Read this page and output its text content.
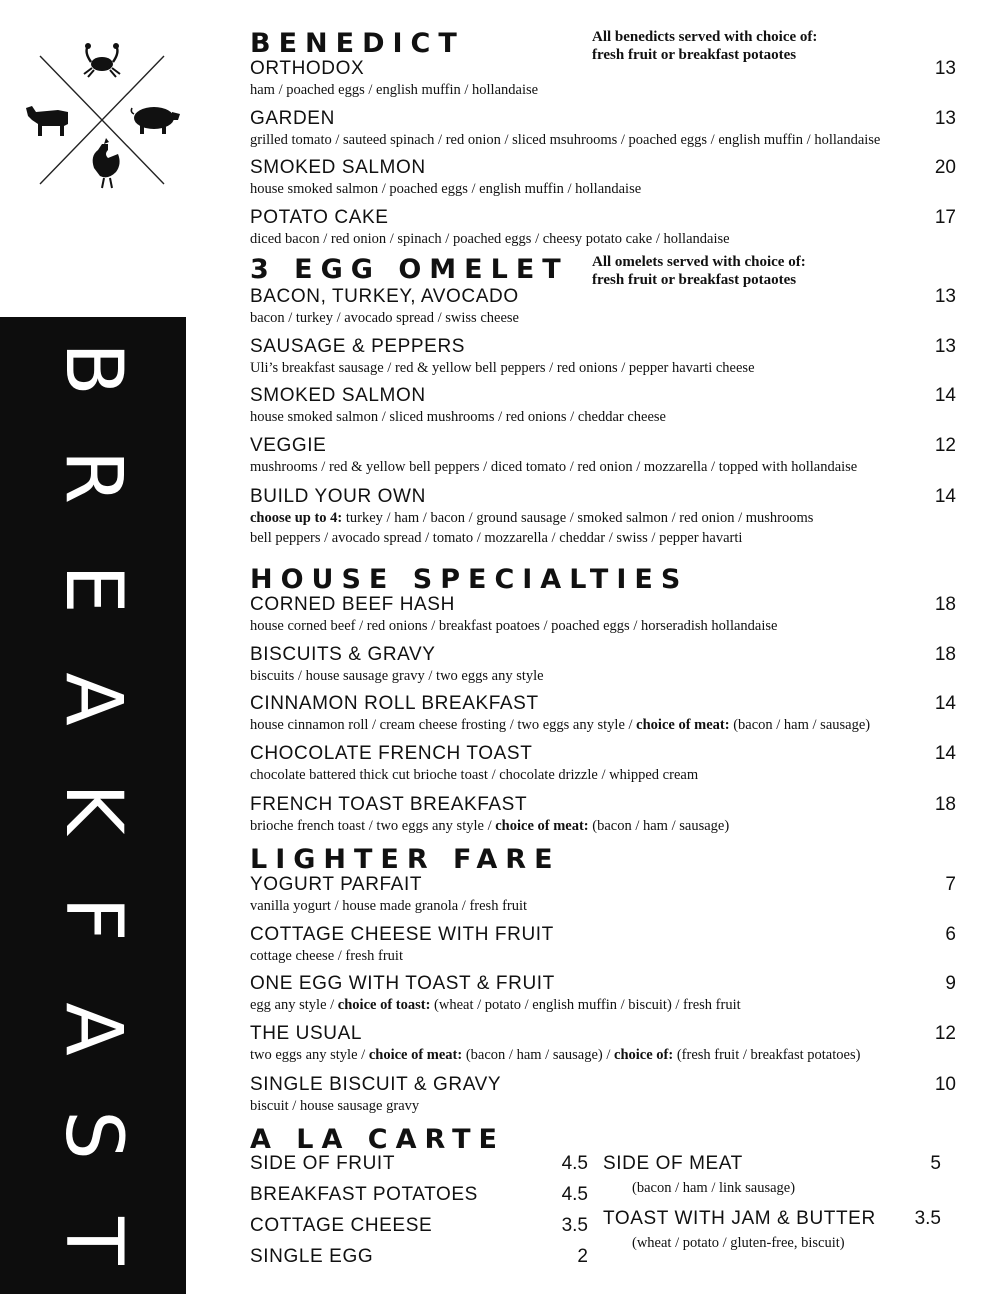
B
R
E
A
K
F
A
S
T
BENEDICT	All benedicts served with choice of:
fresh fruit or breakfast potaotes
ORTHODOX	13
ham / poached eggs / english muffin / hollandaise
GARDEN	13
grilled tomato / sauteed spinach / red onion / sliced msuhrooms / poached eggs / english muffin / hollandaise
SMOKED SALMON	20
house smoked salmon / poached eggs / english muffin / hollandaise
POTATO CAKE	17
diced bacon / red onion / spinach / poached eggs / cheesy potato cake / hollandaise
3 EGG OMELET All omelets served with choice of:
fresh fruit or breakfast potaotes
BACON, TURKEY, AVOCADO	13
bacon / turkey / avocado spread / swiss cheese
SAUSAGE & PEPPERS	13
Uli’s breakfast sausage / red & yellow bell peppers / red onions / pepper havarti cheese
SMOKED SALMON	14
house smoked salmon / sliced mushrooms / red onions / cheddar cheese
VEGGIE	12
mushrooms / red & yellow bell peppers / diced tomato / red onion / mozzarella / topped with hollandaise
BUILD YOUR OWN	14
choose up to 4: turkey / ham / bacon / ground sausage / smoked salmon / red onion / mushrooms
bell peppers / avocado spread / tomato / mozzarella / cheddar / swiss / pepper havarti
HOUSE SPECIALTIES
CORNED BEEF HASH	18
house corned beef / red onions / breakfast poatoes / poached eggs / horseradish hollandaise
BISCUITS & GRAVY	18
biscuits / house sausage gravy / two eggs any style
CINNAMON ROLL BREAKFAST	14
house cinnamon roll / cream cheese frosting / two eggs any style / choice of meat: (bacon / ham / sausage)
CHOCOLATE FRENCH TOAST	14
chocolate battered thick cut brioche toast / chocolate drizzle / whipped cream
FRENCH TOAST BREAKFAST	18
brioche french toast / two eggs any style / choice of meat: (bacon / ham / sausage)
LIGHTER FARE
YOGURT PARFAIT	7
vanilla yogurt / house made granola / fresh fruit
COTTAGE CHEESE WITH FRUIT	6
cottage cheese / fresh fruit
ONE EGG WITH TOAST & FRUIT	9
egg any style / choice of toast: (wheat / potato / english muffin / biscuit) / fresh fruit
THE USUAL	12
two eggs any style / choice of meat: (bacon / ham / sausage) / choice of: (fresh fruit / breakfast potatoes)
SINGLE BISCUIT & GRAVY	10
biscuit / house sausage gravy
A LA CARTE
SIDE OF FRUIT	4.5
BREAKFAST POTATOES	4.5
COTTAGE CHEESE	3.5
SINGLE EGG	2
SIDE OF MEAT	5
(bacon / ham / link sausage)
TOAST WITH JAM & BUTTER 3.5
(wheat / potato / gluten-free, biscuit)
